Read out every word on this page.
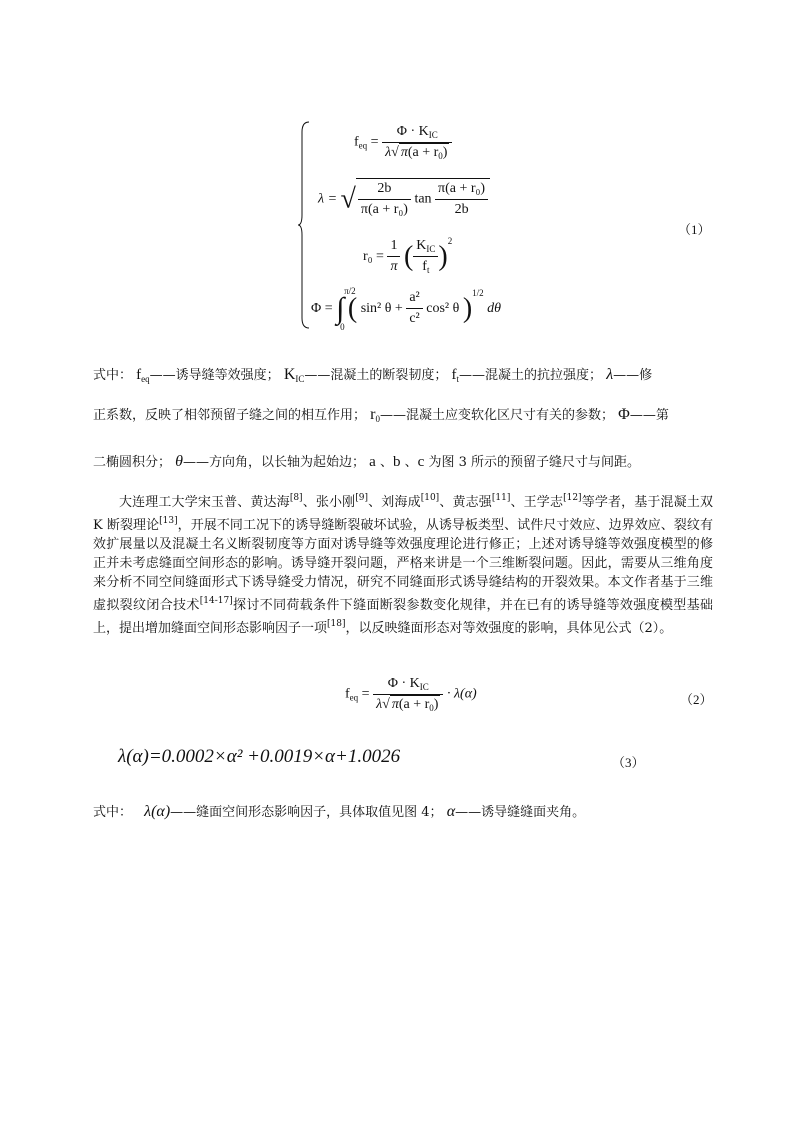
$f_{eq} = \frac{\Phi \cdot K_{IC}}{\lambda√ \pi(a + r_0)}$
λ = √ $\frac{2b}{\text{π(a + r₀)}}$ $\tan \frac{\text{π(a + r₀)}}{2b}$
$r_0 = \frac{1}{\pi}$ ( $\frac{K_{IC}}{f_t} )^2$
Φ = ∫
π/2
0
( sin² $\theta + \frac{\text{a²}}{\text{c²}} \cos^2$ θ )$^{1/2}$ dθ
（1）
式中： $f_{eq}——$诱导缝等效强度； $K_{IC}——$混凝土的断裂韧度； $f_t——$混凝土的抗拉强度； λ——修
正系数，反映了相邻预留子缝之间的相互作用； $r_0——$混凝土应变软化区尺寸有关的参数； Φ——第
二椭圆积分； θ——方向角，以长轴为起始边； a 、b 、c 为图 3 所示的预留子缝尺寸与间距。
大连理工大学宋玉普、黄达海[8]、张小刚[9]、刘海成[10]、黄志强[11]、王学志[12]等学者，基于混凝土双 K 断裂理论[13]，开展不同工况下的诱导缝断裂破坏试验，从诱导板类型、试件尺寸效应、边界效应、裂纹有效扩展量以及混凝土名义断裂韧度等方面对诱导缝等效强度理论进行修正；上述对诱导缝等效强度模型的修正并未考虑缝面空间形态的影响。诱导缝开裂问题，严格来讲是一个三维断裂问题。因此，需要从三维角度来分析不同空间缝面形式下诱导缝受力情况，研究不同缝面形式诱导缝结构的开裂效果。本文作者基于三维虚拟裂纹闭合技术[14-17]探讨不同荷载条件下缝面断裂参数变化规律，并在已有的诱导缝等效强度模型基础上，提出增加缝面空间形态影响因子一项[18]，以反映缝面形态对等效强度的影响，具体见公式（2）。
$f_{eq} = \frac{\Phi \cdot K_{IC}}{\lambda√ \pi(a + r_0)} \cdot \lambda(\alpha)$	（2）
λ(α)=0.0002×α² +0.0019×α+1.0026	（3）
式中： λ(α)——缝面空间形态影响因子，具体取值见图 4； α——诱导缝缝面夹角。
